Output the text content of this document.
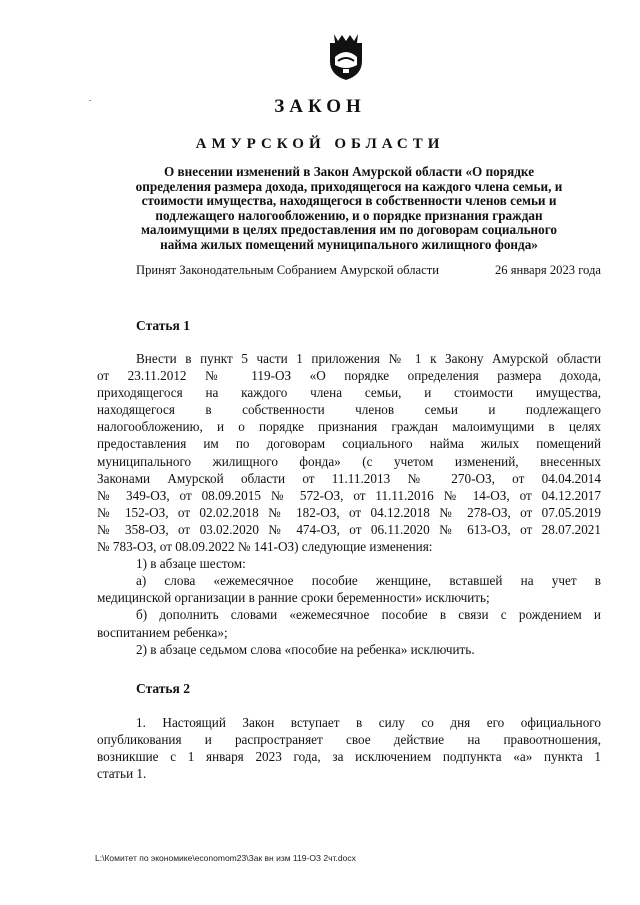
ЗАКОН
АМУРСКОЙ ОБЛАСТИ
О внесении изменений в Закон Амурской области «О порядке
определения размера дохода, приходящегося на каждого члена семьи, и
стоимости имущества, находящегося в собственности членов семьи и
подлежащего налогообложению, и о порядке признания граждан
малоимущими в целях предоставления им по договорам социального
найма жилых помещений муниципального жилищного фонда»
Принят Законодательным Собранием Амурской области	26 января 2023 года
Статья 1
Внести в пункт 5 части 1 приложения № 1 к Закону Амурской области
от 23.11.2012 № 119-ОЗ «О порядке определения размера дохода,
приходящегося на каждого члена семьи, и стоимости имущества,
находящегося в собственности членов семьи и подлежащего
налогообложению, и о порядке признания граждан малоимущими в целях
предоставления им по договорам социального найма жилых помещений
муниципального жилищного фонда» (с учетом изменений, внесенных
Законами Амурской области от 11.11.2013 № 270-ОЗ, от 04.04.2014
№ 349-ОЗ, от 08.09.2015 № 572-ОЗ, от 11.11.2016 № 14-ОЗ, от 04.12.2017
№ 152-ОЗ, от 02.02.2018 № 182-ОЗ, от 04.12.2018 № 278-ОЗ, от 07.05.2019
№ 358-ОЗ, от 03.02.2020 № 474-ОЗ, от 06.11.2020 № 613-ОЗ, от 28.07.2021
№ 783-ОЗ, от 08.09.2022 № 141-ОЗ) следующие изменения:
1) в абзаце шестом:
а) слова «ежемесячное пособие женщине, вставшей на учет в
медицинской организации в ранние сроки беременности» исключить;
б) дополнить словами «ежемесячное пособие в связи с рождением и
воспитанием ребенка»;
2) в абзаце седьмом слова «пособие на ребенка» исключить.
Статья 2
1. Настоящий Закон вступает в силу со дня его официального
опубликования и распространяет свое действие на правоотношения,
возникшие с 1 января 2023 года, за исключением подпункта «а» пункта 1
статьи 1.
L:\Комитет по экономике\economom23\Зак вн изм 119-ОЗ 2чт.docx
